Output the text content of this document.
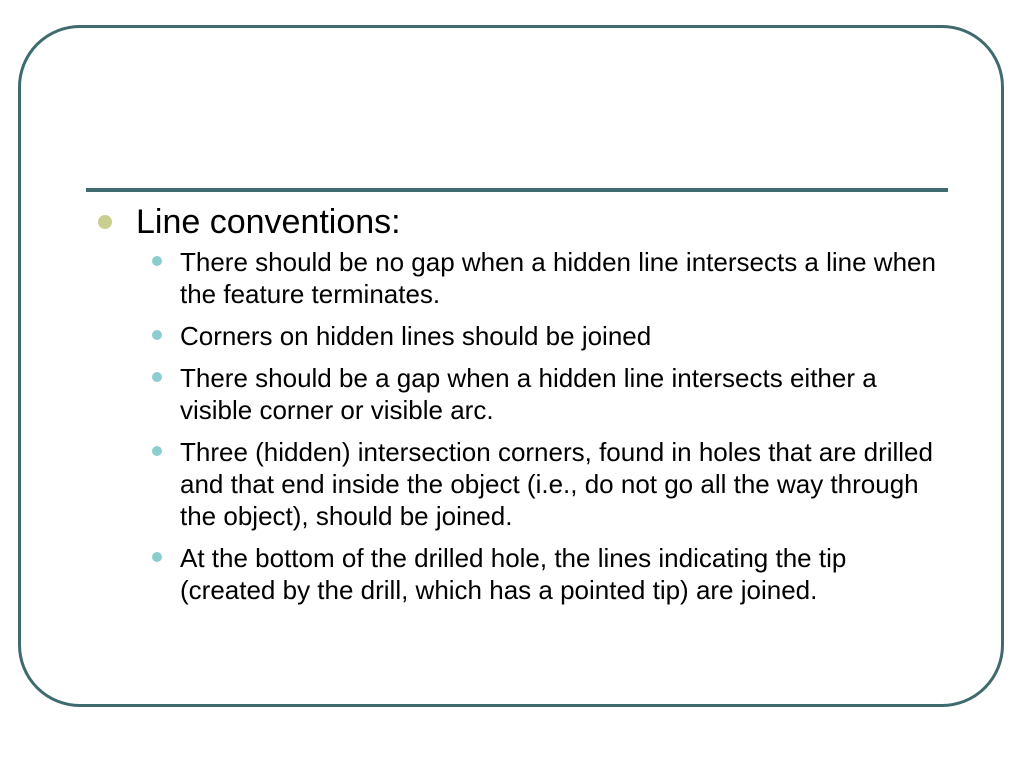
Line conventions:
There should be no gap when a hidden line intersects a line when the feature terminates.
Corners on hidden lines should be joined
There should be a gap when a hidden line intersects either a visible corner or visible arc.
Three (hidden) intersection corners, found in holes that are drilled and that end inside the object (i.e., do not go all the way through the object), should be joined.
At the bottom of the drilled hole, the lines indicating the tip (created by the drill, which has a pointed tip) are joined.
